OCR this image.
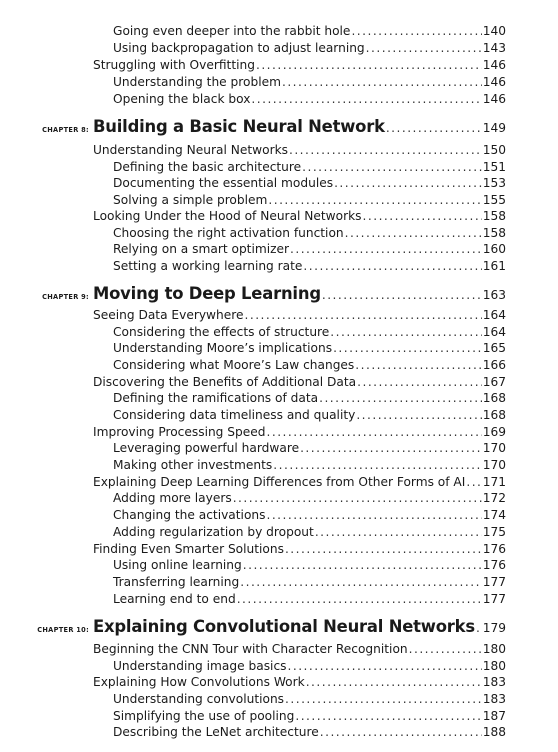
Going even deeper into the rabbit hole . . .	140
Using backpropagation to adjust learning . . .	143
Struggling with Overfitting . . .	146
Understanding the problem . . .	146
Opening the black box . . .	146
CHAPTER 8: Building a Basic Neural Network . . .	149
Understanding Neural Networks . . .	150
Defining the basic architecture . . .	151
Documenting the essential modules . . .	153
Solving a simple problem . . .	155
Looking Under the Hood of Neural Networks . . .	158
Choosing the right activation function . . .	158
Relying on a smart optimizer . . .	160
Setting a working learning rate . . .	161
CHAPTER 9: Moving to Deep Learning . . .	163
Seeing Data Everywhere . . .	164
Considering the effects of structure . . .	164
Understanding Moore’s implications . . .	165
Considering what Moore’s Law changes . . .	166
Discovering the Benefits of Additional Data . . .	167
Defining the ramifications of data . . .	168
Considering data timeliness and quality . . .	168
Improving Processing Speed . . .	169
Leveraging powerful hardware . . .	170
Making other investments . . .	170
Explaining Deep Learning Differences from Other Forms of AI . . . 171
Adding more layers . . .	172
Changing the activations . . .	174
Adding regularization by dropout . . .	175
Finding Even Smarter Solutions . . .	176
Using online learning . . .	176
Transferring learning . . .	177
Learning end to end . . .	177
CHAPTER 10: Explaining Convolutional Neural Networks . . . 179
Beginning the CNN Tour with Character Recognition . . .	180
Understanding image basics . . .	180
Explaining How Convolutions Work . . .	183
Understanding convolutions . . .	183
Simplifying the use of pooling . . .	187
Describing the LeNet architecture . . .	188
